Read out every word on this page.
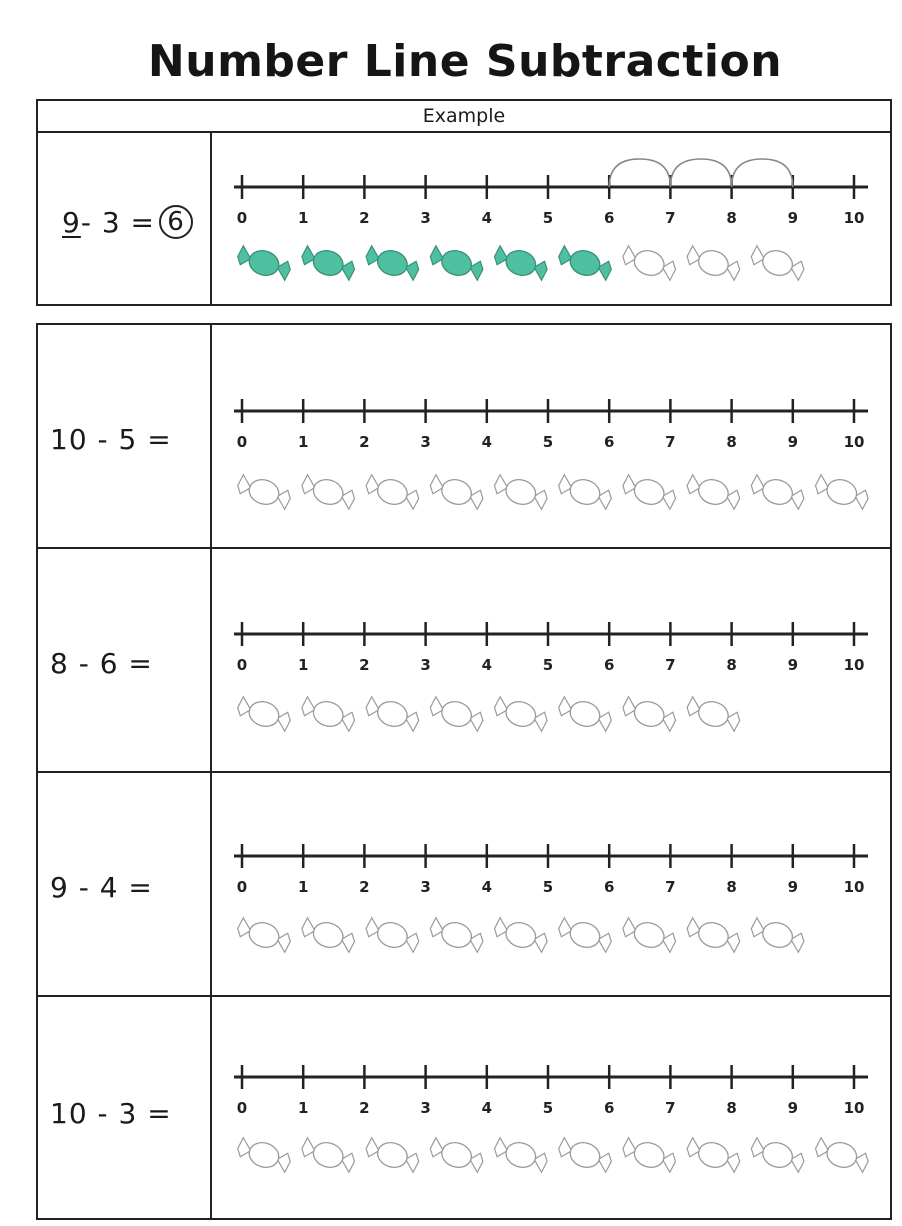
Number Line Subtraction
Example
9 - 3 = 6	0	1	2	3	4	5	6	7	8	9	10
10 - 5 =	0	1	2	3	4	5	6	7	8	9	10
8 - 6 =	0	1	2	3	4	5	6	7	8	9	10
9 - 4 =	0	1	2	3	4	5	6	7	8	9	10
10 - 3 =	0	1	2	3	4	5	6	7	8	9	10
